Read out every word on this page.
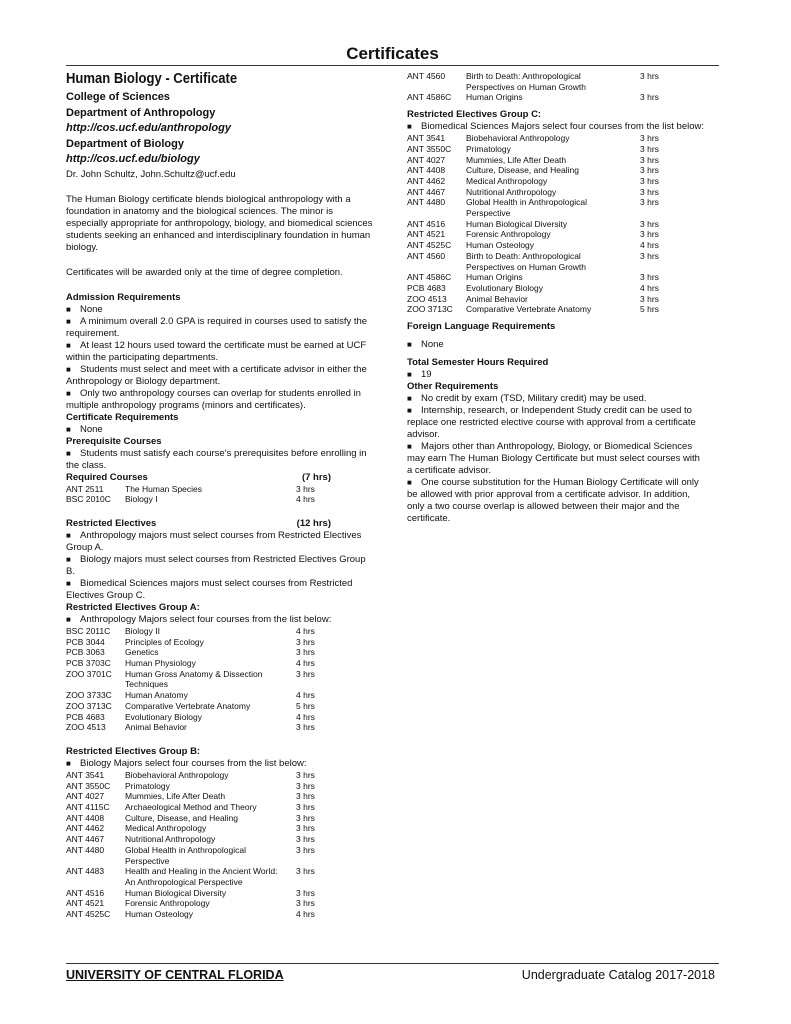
Certificates
Human Biology - Certificate
College of Sciences
Department of Anthropology
http://cos.ucf.edu/anthropology
Department of Biology
http://cos.ucf.edu/biology
Dr. John Schultz, John.Schultz@ucf.edu
The Human Biology certificate blends biological anthropology with a foundation in anatomy and the biological sciences. The minor is especially appropriate for anthropology, biology, and biomedical sciences students seeking an enhanced and interdisciplinary foundation in human biology.
Certificates will be awarded only at the time of degree completion.
Admission Requirements
■ None
■ A minimum overall 2.0 GPA is required in courses used to satisfy the requirement.
■ At least 12 hours used toward the certificate must be earned at UCF within the participating departments.
■ Students must select and meet with a certificate advisor in either the Anthropology or Biology department.
■ Only two anthropology courses can overlap for students enrolled in multiple anthropology programs (minors and certificates).
Certificate Requirements
■ None
Prerequisite Courses
■ Students must satisfy each course’s prerequisites before enrolling in the class.
Required Courses	(7 hrs)
ANT 2511	The Human Species	3 hrs
BSC 2010C	Biology I	4 hrs
Restricted Electives	(12 hrs)
■ Anthropology majors must select courses from Restricted Electives Group A.
■ Biology majors must select courses from Restricted Electives Group B.
■ Biomedical Sciences majors must select courses from Restricted Electives Group C.
Restricted Electives Group A:
■ Anthropology Majors select four courses from the list below:
BSC 2011C	Biology II	4 hrs
PCB 3044	Principles of Ecology	3 hrs
PCB 3063	Genetics	3 hrs
PCB 3703C	Human Physiology	4 hrs
ZOO 3701C	Human Gross Anatomy & Dissection	3 hrs
	Techniques	
ZOO 3733C	Human Anatomy	4 hrs
ZOO 3713C	Comparative Vertebrate Anatomy	5 hrs
PCB 4683	Evolutionary Biology	4 hrs
ZOO 4513	Animal Behavior	3 hrs
Restricted Electives Group B:
■ Biology Majors select four courses from the list below:
ANT 3541	Biobehavioral Anthropology	3 hrs
ANT 3550C	Primatology	3 hrs
ANT 4027	Mummies, Life After Death	3 hrs
ANT 4115C	Archaeological Method and Theory	3 hrs
ANT 4408	Culture, Disease, and Healing	3 hrs
ANT 4462	Medical Anthropology	3 hrs
ANT 4467	Nutritional Anthropology	3 hrs
ANT 4480	Global Health in Anthropological	3 hrs
	Perspective	
ANT 4483	Health and Healing in the Ancient World:	3 hrs
	An Anthropological Perspective	
ANT 4516	Human Biological Diversity	3 hrs
ANT 4521	Forensic Anthropology	3 hrs
ANT 4525C	Human Osteology	4 hrs
ANT 4560	Birth to Death: Anthropological	3 hrs
	Perspectives on Human Growth	
ANT 4586C	Human Origins	3 hrs
Restricted Electives Group C:
■ Biomedical Sciences Majors select four courses from the list below:
ANT 3541	Biobehavioral Anthropology	3 hrs
ANT 3550C	Primatology	3 hrs
ANT 4027	Mummies, Life After Death	3 hrs
ANT 4408	Culture, Disease, and Healing	3 hrs
ANT 4462	Medical Anthropology	3 hrs
ANT 4467	Nutritional Anthropology	3 hrs
ANT 4480	Global Health in Anthropological	3 hrs
	Perspective	
ANT 4516	Human Biological Diversity	3 hrs
ANT 4521	Forensic Anthropology	3 hrs
ANT 4525C	Human Osteology	4 hrs
ANT 4560	Birth to Death: Anthropological	3 hrs
	Perspectives on Human Growth	
ANT 4586C	Human Origins	3 hrs
PCB 4683	Evolutionary Biology	4 hrs
ZOO 4513	Animal Behavior	3 hrs
ZOO 3713C	Comparative Vertebrate Anatomy	5 hrs
Foreign Language Requirements
■ None
Total Semester Hours Required
■ 19
Other Requirements
■ No credit by exam (TSD, Military credit) may be used.
■ Internship, research, or Independent Study credit can be used to replace one restricted elective course with approval from a certificate advisor.
■ Majors other than Anthropology, Biology, or Biomedical Sciences may earn The Human Biology Certificate but must select courses with a certificate advisor.
■ One course substitution for the Human Biology Certificate will only be allowed with prior approval from a certificate advisor. In addition, only a two course overlap is allowed between their major and the certificate.
UNIVERSITY OF CENTRAL FLORIDA	Undergraduate Catalog 2017-2018
